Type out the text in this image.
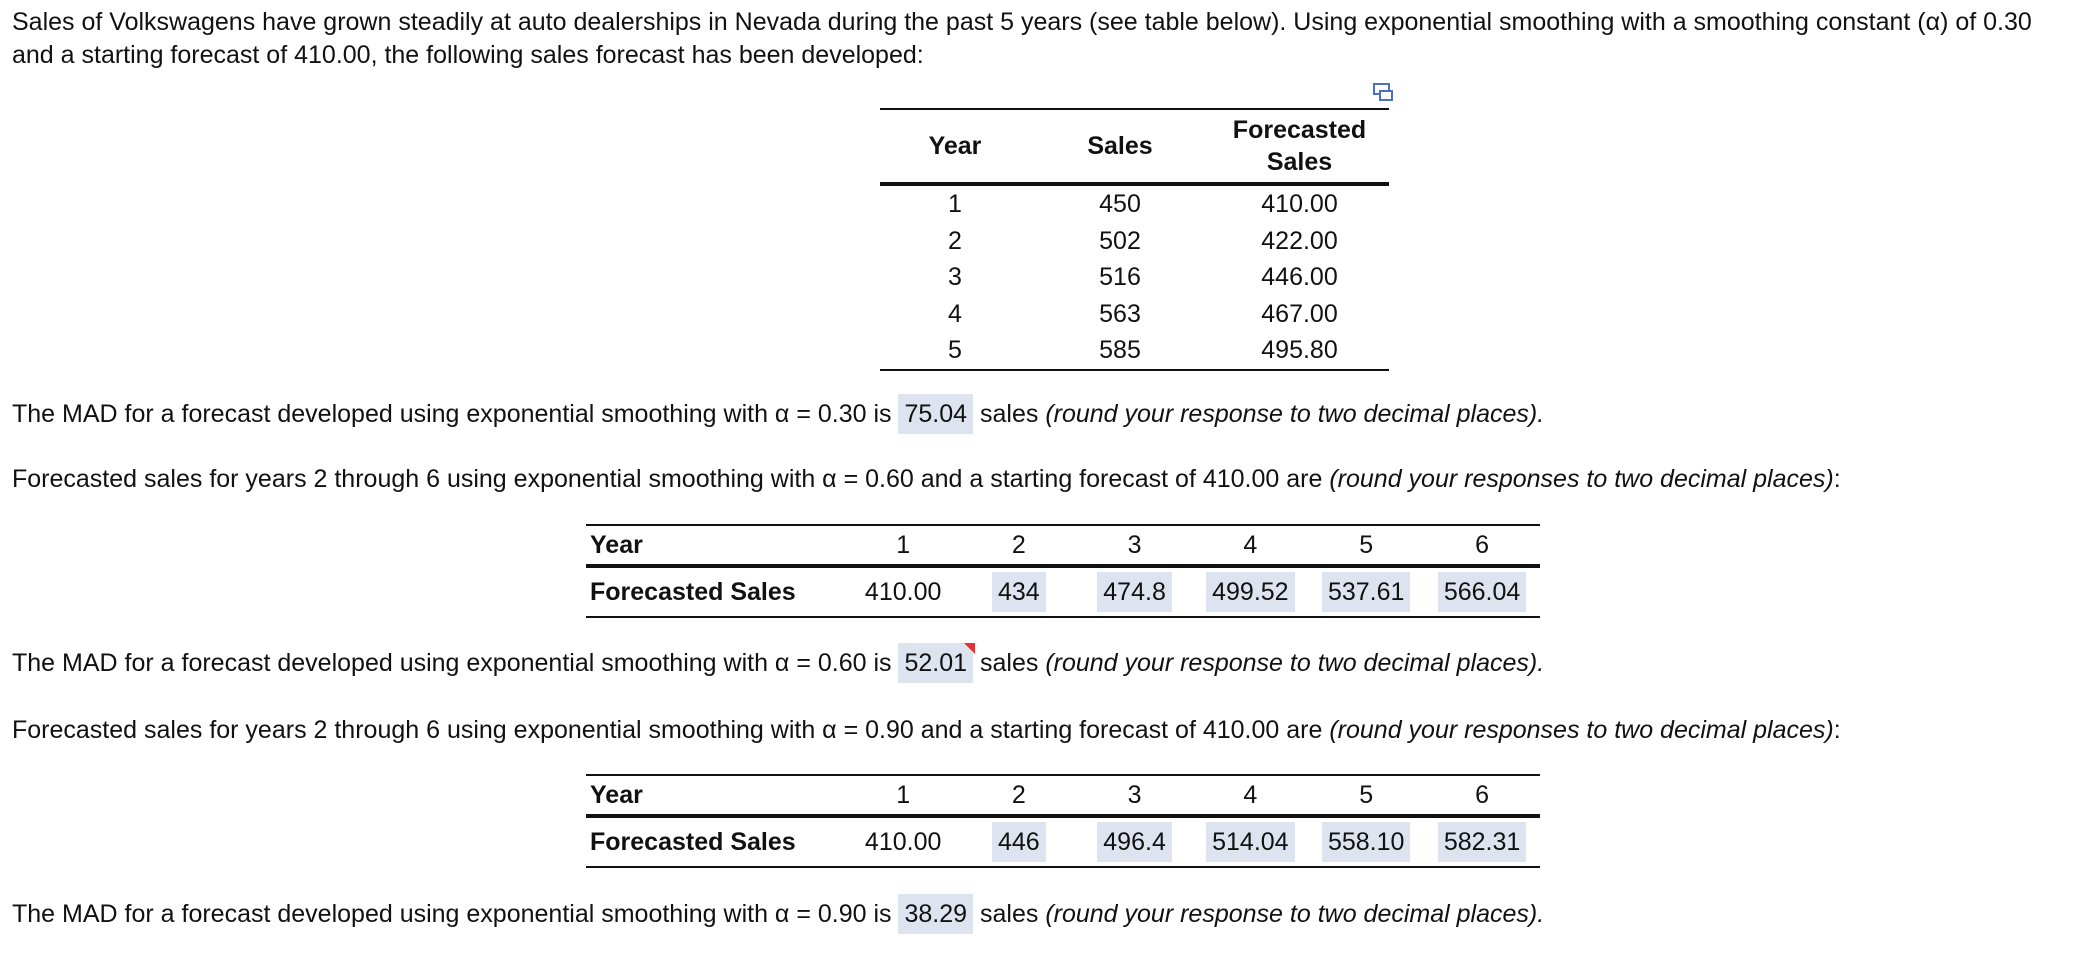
Sales of Volkswagens have grown steadily at auto dealerships in Nevada during the past 5 years (see table below). Using exponential smoothing with a smoothing constant (α) of 0.30 and a starting forecast of 410.00, the following sales forecast has been developed:

Year	Sales	Forecasted
Sales
1	450	410.00
2	502	422.00
3	516	446.00
4	563	467.00
5	585	495.80

The MAD for a forecast developed using exponential smoothing with α = 0.30 is 75.04 sales (round your response to two decimal places).

Forecasted sales for years 2 through 6 using exponential smoothing with α = 0.60 and a starting forecast of 410.00 are (round your responses to two decimal places):

Year	1	2	3	4	5	6
Forecasted Sales	410.00	434	474.8	499.52	537.61	566.04

The MAD for a forecast developed using exponential smoothing with α = 0.60 is 52.01
sales (round your response to two decimal places).

Forecasted sales for years 2 through 6 using exponential smoothing with α = 0.90 and a starting forecast of 410.00 are (round your responses to two decimal places):

Year	1	2	3	4	5	6
Forecasted Sales	410.00	446	496.4	514.04	558.10	582.31

The MAD for a forecast developed using exponential smoothing with α = 0.90 is 38.29 sales (round your response to two decimal places).
